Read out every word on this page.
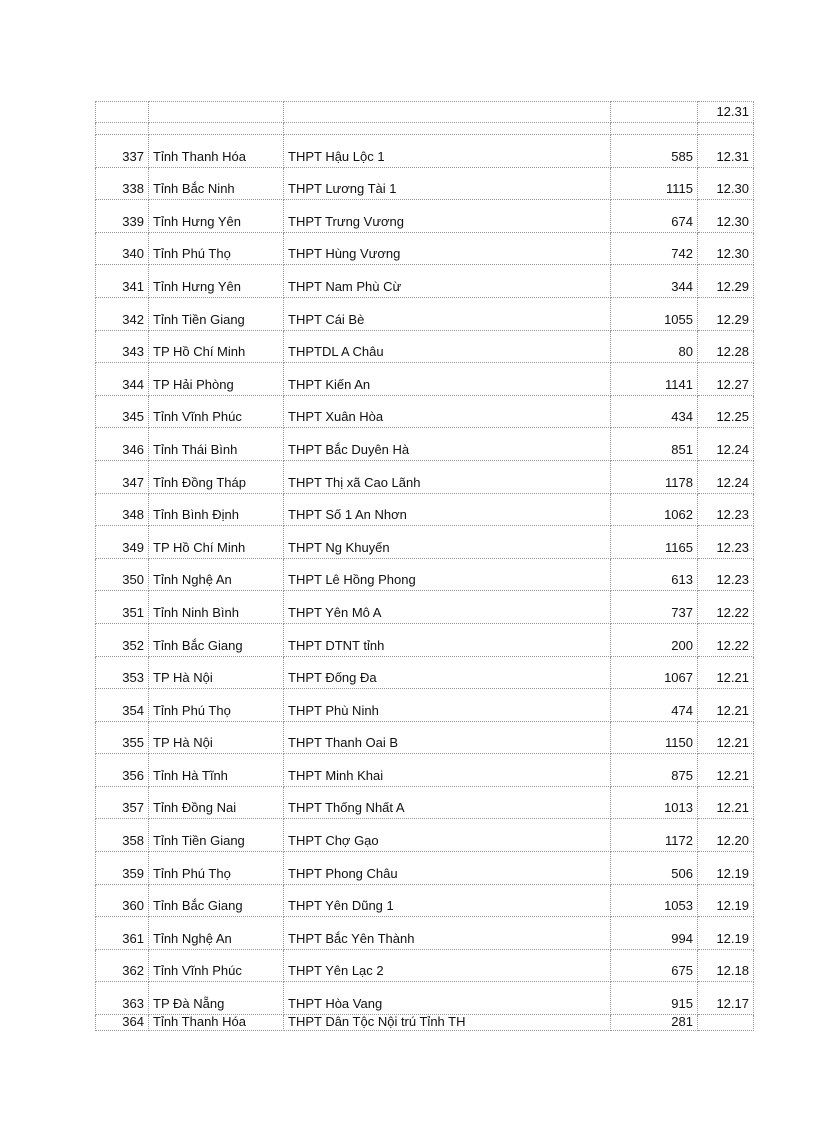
				12.31

337	Tỉnh Thanh Hóa	THPT Hậu Lộc 1	585	12.31
338	Tỉnh Bắc Ninh	THPT Lương Tài 1	1115	12.30
339	Tỉnh Hưng Yên	THPT Trưng Vương	674	12.30
340	Tỉnh Phú Thọ	THPT Hùng Vương	742	12.30
341	Tỉnh Hưng Yên	THPT Nam Phù Cừ	344	12.29
342	Tỉnh Tiền Giang	THPT Cái Bè	1055	12.29
343	TP Hồ Chí Minh	THPTDL A Châu	80	12.28
344	TP Hải Phòng	THPT Kiến An	1141	12.27
345	Tỉnh Vĩnh Phúc	THPT Xuân Hòa	434	12.25
346	Tỉnh Thái Bình	THPT Bắc Duyên Hà	851	12.24
347	Tỉnh Đồng Tháp	THPT Thị xã Cao Lãnh	1178	12.24
348	Tỉnh Bình Định	THPT Số 1 An Nhơn	1062	12.23
349	TP Hồ Chí Minh	THPT Ng Khuyến	1165	12.23
350	Tỉnh Nghệ An	THPT Lê Hồng Phong	613	12.23
351	Tỉnh Ninh Bình	THPT Yên Mô A	737	12.22
352	Tỉnh Bắc Giang	THPT DTNT tỉnh	200	12.22
353	TP Hà Nội	THPT Đống Đa	1067	12.21
354	Tỉnh Phú Thọ	THPT Phù Ninh	474	12.21
355	TP Hà Nội	THPT Thanh Oai B	1150	12.21
356	Tỉnh Hà Tĩnh	THPT Minh Khai	875	12.21
357	Tỉnh Đồng Nai	THPT Thống Nhất A	1013	12.21
358	Tỉnh Tiền Giang	THPT Chợ Gạo	1172	12.20
359	Tỉnh Phú Thọ	THPT Phong Châu	506	12.19
360	Tỉnh Bắc Giang	THPT Yên Dũng 1	1053	12.19
361	Tỉnh Nghệ An	THPT Bắc Yên Thành	994	12.19
362	Tỉnh Vĩnh Phúc	THPT Yên Lạc 2	675	12.18
363	TP Đà Nẵng	THPT Hòa Vang	915	12.17
364	Tỉnh Thanh Hóa	THPT Dân Tộc Nội trú Tỉnh TH	281	
